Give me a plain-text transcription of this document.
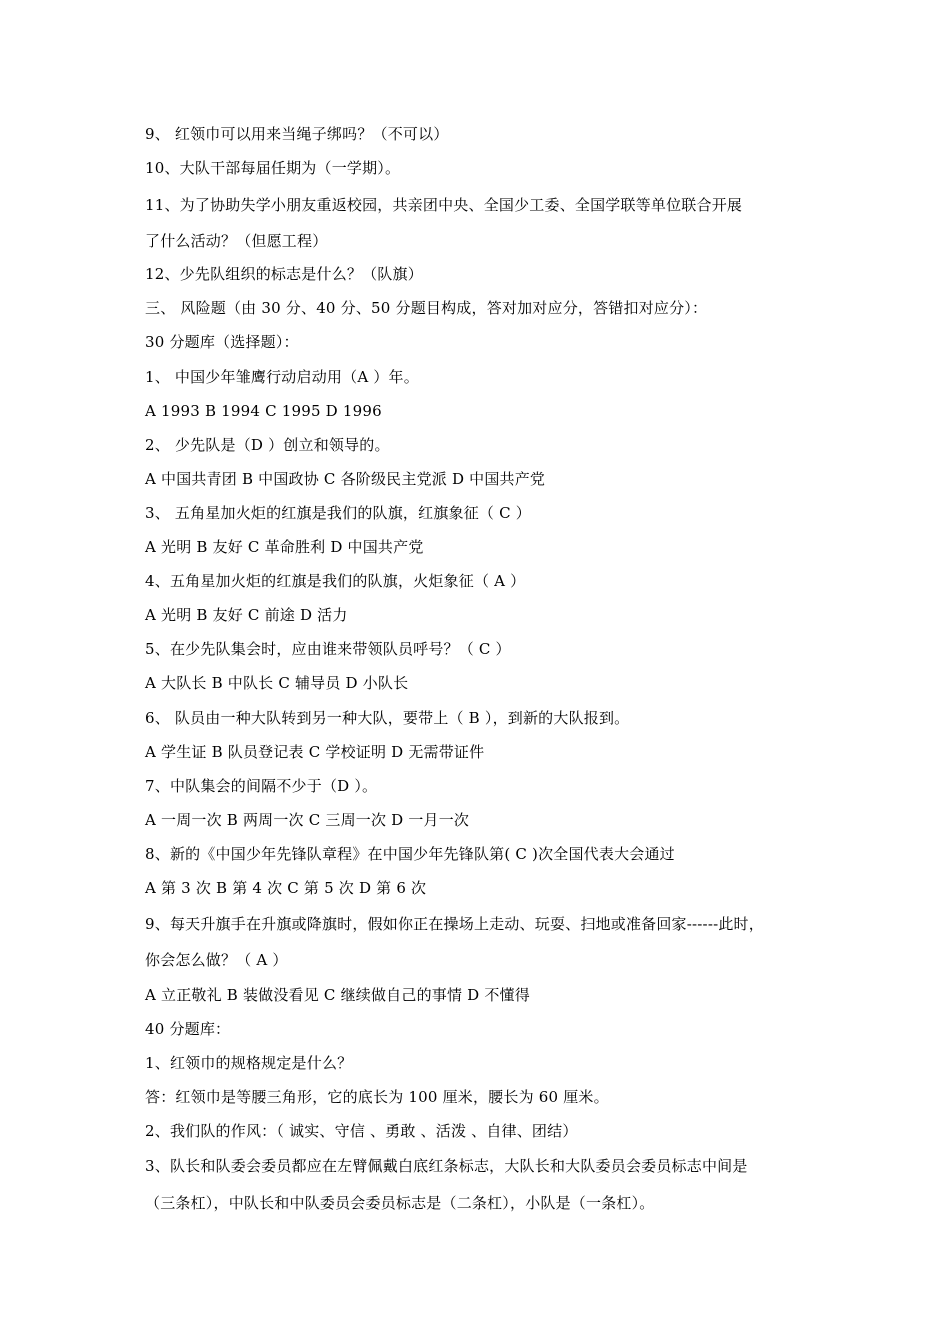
9、 红领巾可以用来当绳子绑吗？（不可以）
10、大队干部每届任期为（一学期）。
11、为了协助失学小朋友重返校园，共亲团中央、全国少工委、全国学联等单位联合开展
了什么活动？（但愿工程）
12、少先队组织的标志是什么？（队旗）
三、 风险题（由 30 分、40 分、50 分题目构成，答对加对应分，答错扣对应分）：
30 分题库（选择题）：
1、 中国少年雏鹰行动启动用（A ）年。
A 1993 B 1994 C 1995 D 1996
2、 少先队是（D ）创立和领导的。
A 中国共青团 B 中国政协 C 各阶级民主党派 D 中国共产党
3、 五角星加火炬的红旗是我们的队旗，红旗象征（ C ）
A 光明 B 友好 C 革命胜利 D 中国共产党
4、五角星加火炬的红旗是我们的队旗，火炬象征（ A ）
A 光明 B 友好 C 前途 D 活力
5、在少先队集会时，应由谁来带领队员呼号？（ C ）
A 大队长 B 中队长 C 辅导员 D 小队长
6、 队员由一种大队转到另一种大队，要带上（ B ），到新的大队报到。
A 学生证 B 队员登记表 C 学校证明 D 无需带证件
7、中队集会的间隔不少于（D ）。
A 一周一次 B 两周一次 C 三周一次 D 一月一次
8、新的《中国少年先锋队章程》在中国少年先锋队第( C )次全国代表大会通过
A 第 3 次 B 第 4 次 C 第 5 次 D 第 6 次
9、每天升旗手在升旗或降旗时，假如你正在操场上走动、玩耍、扫地或准备回家------此时，
你会怎么做？（ A ）
A 立正敬礼 B 装做没看见 C 继续做自己的事情 D 不懂得
40 分题库：
1、红领巾的规格规定是什么？
答：红领巾是等腰三角形，它的底长为 100 厘米，腰长为 60 厘米。
2、我们队的作风：（ 诚实、守信 、勇敢 、活泼 、自律、团结）
3、队长和队委会委员都应在左臂佩戴白底红条标志，大队长和大队委员会委员标志中间是
（三条杠），中队长和中队委员会委员标志是（二条杠），小队是（一条杠）。
